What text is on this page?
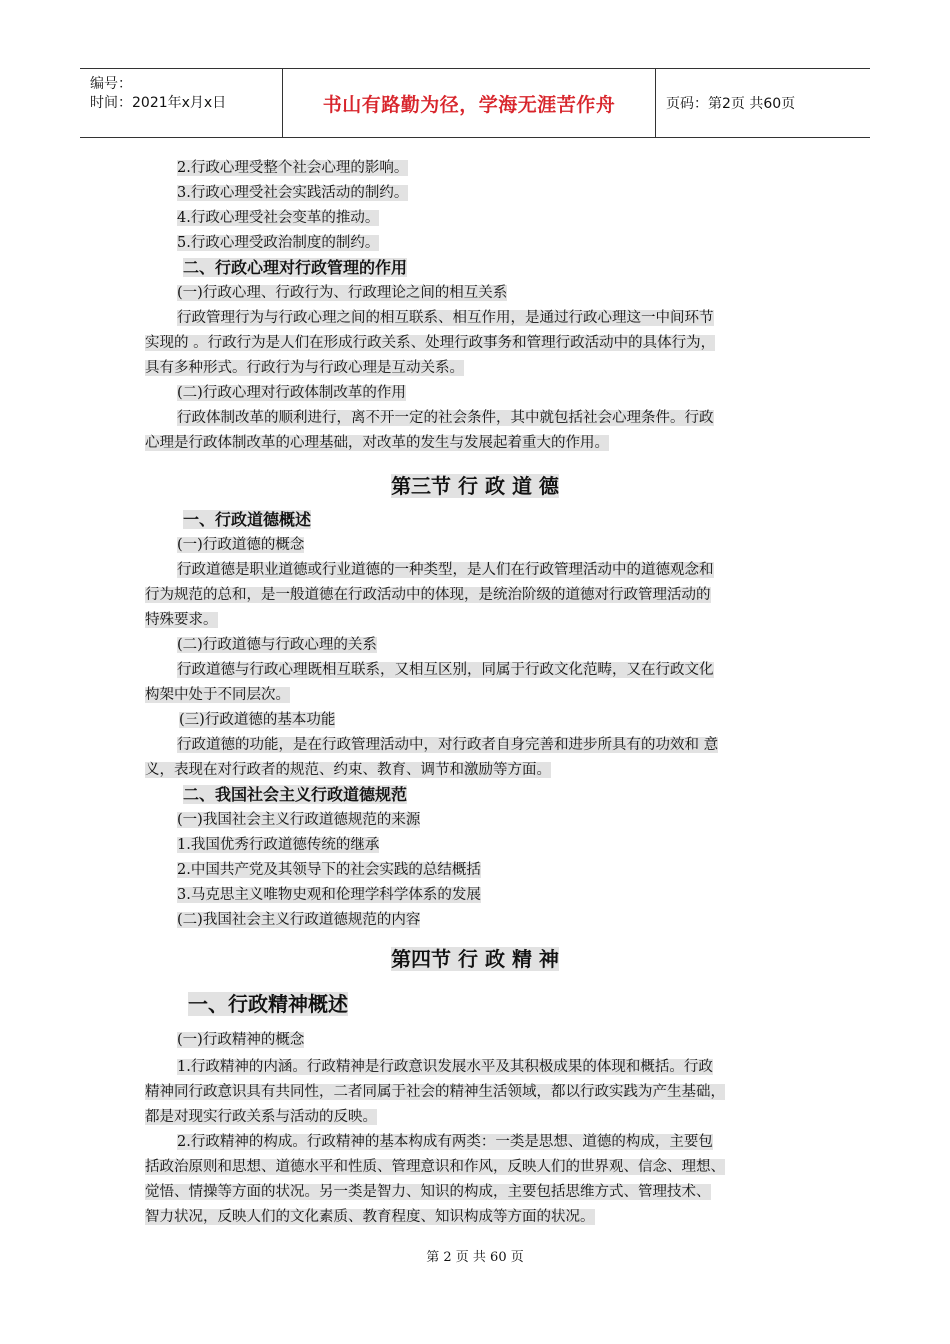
编号：
时间：2021年x月x日	书山有路勤为径，学海无涯苦作舟	页码：第2页 共60页
2.行政心理受整个社会心理的影响。
3.行政心理受社会实践活动的制约。
4.行政心理受社会变革的推动。
5.行政心理受政治制度的制约。
二、行政心理对行政管理的作用
(一)行政心理、行政行为、行政理论之间的相互关系
行政管理行为与行政心理之间的相互联系、相互作用，是通过行政心理这一中间环节
实现的 。行政行为是人们在形成行政关系、处理行政事务和管理行政活动中的具体行为，
具有多种形式。行政行为与行政心理是互动关系。
(二)行政心理对行政体制改革的作用
行政体制改革的顺利进行，离不开一定的社会条件，其中就包括社会心理条件。行政
心理是行政体制改革的心理基础，对改革的发生与发展起着重大的作用。
第三节 行 政 道 德
一、行政道德概述
(一)行政道德的概念
行政道德是职业道德或行业道德的一种类型，是人们在行政管理活动中的道德观念和
行为规范的总和，是一般道德在行政活动中的体现，是统治阶级的道德对行政管理活动的
特殊要求。
(二)行政道德与行政心理的关系
行政道德与行政心理既相互联系，又相互区别，同属于行政文化范畴，又在行政文化
构架中处于不同层次。
(三)行政道德的基本功能
行政道德的功能，是在行政管理活动中，对行政者自身完善和进步所具有的功效和 意
义，表现在对行政者的规范、约束、教育、调节和激励等方面。
二、我国社会主义行政道德规范
(一)我国社会主义行政道德规范的来源
1.我国优秀行政道德传统的继承
2.中国共产党及其领导下的社会实践的总结概括
3.马克思主义唯物史观和伦理学科学体系的发展
(二)我国社会主义行政道德规范的内容
第四节 行 政 精 神
一、行政精神概述
(一)行政精神的概念
1.行政精神的内涵。行政精神是行政意识发展水平及其积极成果的体现和概括。行政
精神同行政意识具有共同性，二者同属于社会的精神生活领域，都以行政实践为产生基础，
都是对现实行政关系与活动的反映。
2.行政精神的构成。行政精神的基本构成有两类：一类是思想、道德的构成，主要包
括政治原则和思想、道德水平和性质、管理意识和作风，反映人们的世界观、信念、理想、
觉悟、情操等方面的状况。另一类是智力、知识的构成，主要包括思维方式、管理技术、
智力状况，反映人们的文化素质、教育程度、知识构成等方面的状况。
第 2 页 共 60 页
